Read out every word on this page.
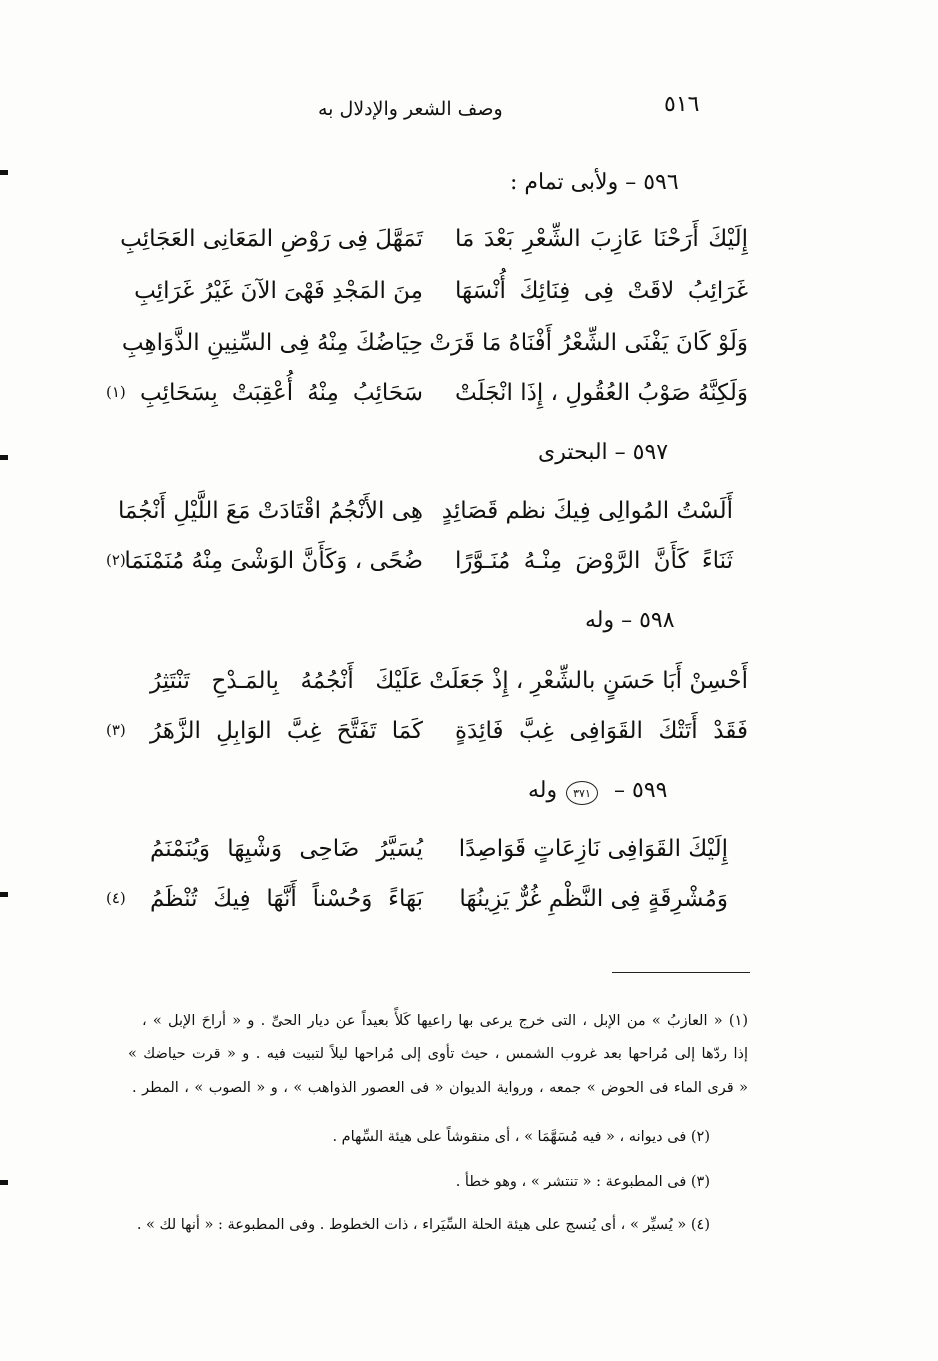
٥١٦
وصف الشعر والإدلال به
٥٩٦ – ولأبى تمام :
إِلَيْكَ أَرَحْنَا عَازِبَ الشِّعْرِ بَعْدَ مَا
تَمَهَّلَ فِى رَوْضِ المَعَانِى العَجَائِبِ
غَرَائِبُ لاقَتْ فِى فِنَائِكَ أُنْسَهَا
مِنَ المَجْدِ فَهْىَ الآنَ غَيْرُ غَرَائِبِ
وَلَوْ كَانَ يَفْنَى الشِّعْرُ أَفْنَاهُ مَا قَرَتْ
حِيَاضُكَ مِنْهُ فِى السِّنِينِ الذَّوَاهِبِ
وَلَكِنَّهُ صَوْبُ العُقُولِ ، إِذَا انْجَلَتْ
سَحَائِبُ مِنْهُ أُعْقِبَتْ بِسَحَائِبِ
(١)
٥٩٧ – البحترى
أَلَسْتُ المُوالِى فِيكَ نظم قَصَائِدٍ
هِى الأَنْجُمُ اقْتَادَتْ مَعَ اللَّيْلِ أَنْجُمَا
ثَنَاءً كَأَنَّ الرَّوْضَ مِنْـهُ مُنَـوَّرًا
ضُحًى ، وَكَأَنَّ الوَشْىَ مِنْهُ مُنَمْنَمَا
(٢)
٥٩٨ – وله
أَحْسِنْ أَبَا حَسَنٍ بالشِّعْرِ ، إِذْ جَعَلَتْ
عَلَيْكَ أَنْجُمُهُ بِالمَـدْحِ تَنْتَثِرُ
فَقَدْ أَتَتْكَ القَوَافِى غِبَّ فَائِدَةٍ
كَمَا تَفَتَّحَ غِبَّ الوَابِلِ الزَّهَرُ
(٣)
٥٩٩ –
٣٧١
وله
إِلَيْكَ القَوَافِى نَازِعَاتٍ قَوَاصِدًا
يُسَيَّرُ ضَاحِى وَشْيِهَا وَيُنَمْنَمُ
وَمُشْرِقَةٍ فِى النَّظْمِ غُرٌّ يَزِينُهَا
بَهَاءً وَحُسْناً أَنَّهَا فِيكَ تُنْظَمُ
(٤)
(١) « العازبُ » من الإبل ، التى خرج يرعى بها راعيها كَلأً بعيداً عن ديار الحىِّ . و « أراحَ الإبل » ،
إذا ردّها إلى مُراحها بعد غروب الشمس ، حيث تأوى إلى مُراحها ليلاً لتبيت فيه . و « قرت حياضك »
« قرى الماء فى الحوض » جمعه ، ورواية الديوان « فى العصور الذواهب » ، و « الصوب » ، المطر .
(٢) فى ديوانه ، « فيه مُسَهَّمَا » ، أى منقوشاً على هيئة السِّهام .
(٣) فى المطبوعة : « تنتشر » ، وهو خطأ .
(٤) « يُسيِّر » ، أى يُنسج على هيئة الحلة السِّيَراء ، ذات الخطوط . وفى المطبوعة : « أنها لك » .
